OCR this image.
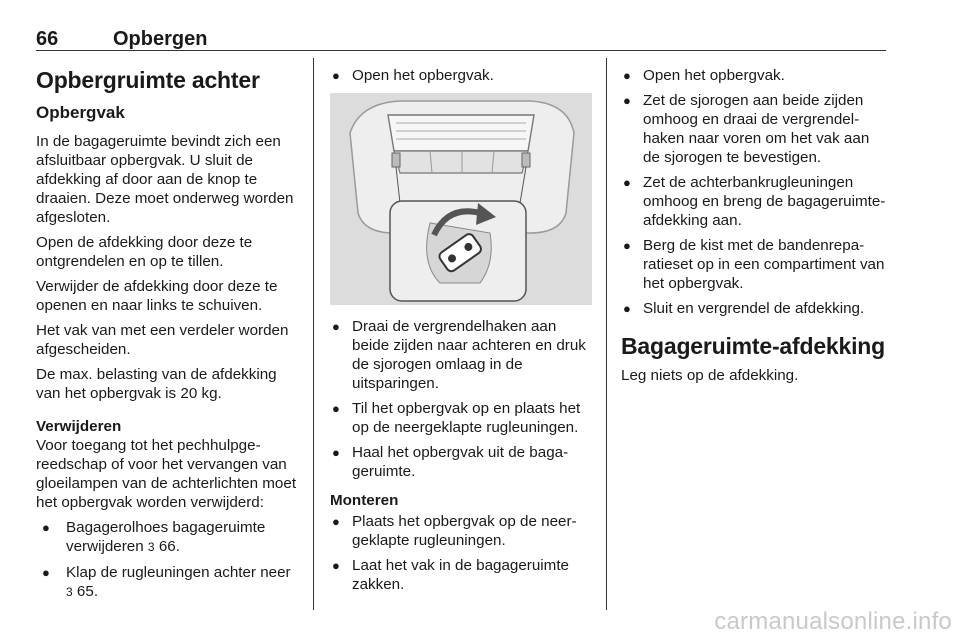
66	Opbergen
Opbergruimte achter
Opbergvak

In de bagageruimte bevindt zich een afsluitbaar opbergvak. U sluit de afdekking af door aan de knop te draaien. Deze moet onderweg worden afgesloten.

Open de afdekking door deze te ontgrendelen en op te tillen.

Verwijder de afdekking door deze te openen en naar links te schuiven.

Het vak van met een verdeler worden afgescheiden.

De max. belasting van de afdekking van het opbergvak is 20 kg.

Verwijderen

Voor toegang tot het pechhulpgereedschap of voor het vervangen van gloeilampen van de achterlichten moet het opbergvak worden verwijderd:

● Bagagerolhoes bagageruimte verwijderen 3 66.
● Klap de rugleuningen achter neer 3 65.
● Open het opbergvak.
● Draai de vergrendelhaken aan beide zijden naar achteren en druk de sjorogen omlaag in de uitsparingen.
● Til het opbergvak op en plaats het op de neergeklapte rugleuningen.
● Haal het opbergvak uit de bagageruimte.
Monteren
● Plaats het opbergvak op de neergeklapte rugleuningen.
● Laat het vak in de bagageruimte zakken.
● Open het opbergvak.
● Zet de sjorogen aan beide zijden omhoog en draai de vergrendelhaken naar voren om het vak aan de sjorogen te bevestigen.
● Zet de achterbankrugleuningen omhoog en breng de bagageruimte-afdekking aan.
● Berg de kist met de bandenreparatieset op in een compartiment van het opbergvak.
● Sluit en vergrendel de afdekking.
Bagageruimte-afdekking

Leg niets op de afdekking.

carmanualsonline.info
